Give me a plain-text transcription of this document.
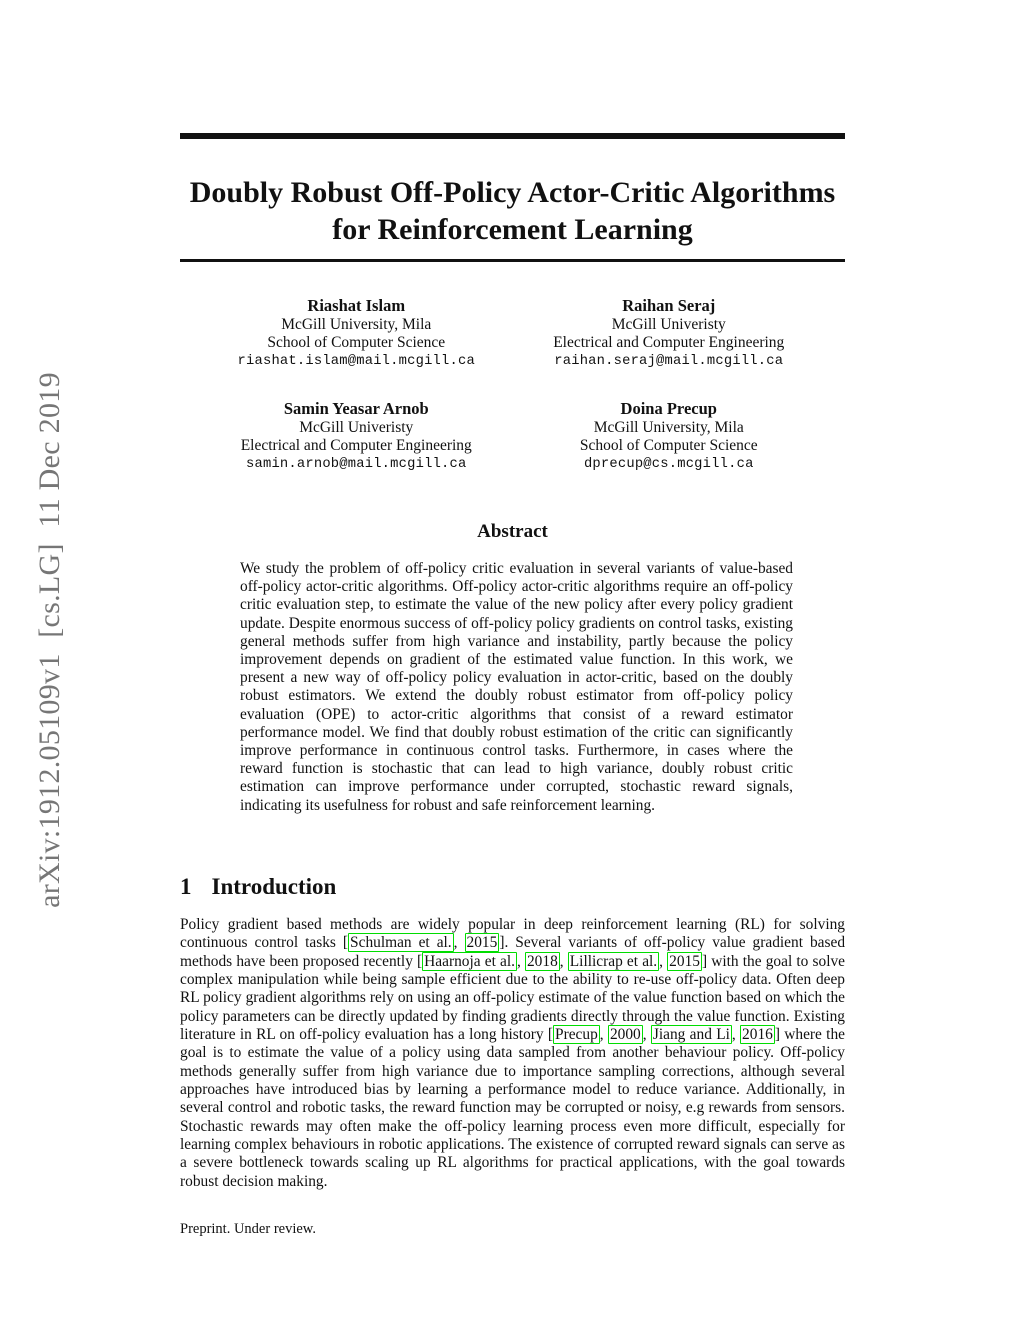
arXiv:1912.05109v1  [cs.LG]  11 Dec 2019
Doubly Robust Off-Policy Actor-Critic Algorithms
for Reinforcement Learning
Riashat Islam
McGill University, Mila
School of Computer Science
riashat.islam@mail.mcgill.ca
Raihan Seraj
McGill Univeristy
Electrical and Computer Engineering
raihan.seraj@mail.mcgill.ca
Samin Yeasar Arnob
McGill Univeristy
Electrical and Computer Engineering
samin.arnob@mail.mcgill.ca
Doina Precup
McGill University, Mila
School of Computer Science
dprecup@cs.mcgill.ca
Abstract
We study the problem of off-policy critic evaluation in several variants of value-based off-policy actor-critic algorithms. Off-policy actor-critic algorithms require an off-policy critic evaluation step, to estimate the value of the new policy after every policy gradient update. Despite enormous success of off-policy policy gradients on control tasks, existing general methods suffer from high variance and instability, partly because the policy improvement depends on gradient of the estimated value function. In this work, we present a new way of off-policy policy evaluation in actor-critic, based on the doubly robust estimators. We extend the doubly robust estimator from off-policy policy evaluation (OPE) to actor-critic algorithms that consist of a reward estimator performance model. We find that doubly robust estimation of the critic can significantly improve performance in continuous control tasks. Furthermore, in cases where the reward function is stochastic that can lead to high variance, doubly robust critic estimation can improve performance under corrupted, stochastic reward signals, indicating its usefulness for robust and safe reinforcement learning.
1 Introduction

Policy gradient based methods are widely popular in deep reinforcement learning (RL) for solving continuous control tasks [ Schulman et al. , 2015 ]. Several variants of off-policy value gradient based methods have been proposed recently [ Haarnoja et al. , 2018 , Lillicrap et al. , 2015 ] with the goal to solve complex manipulation while being sample efficient due to the ability to re-use off-policy data. Often deep RL policy gradient algorithms rely on using an off-policy estimate of the value function based on which the policy parameters can be directly updated by finding gradients directly through the value function. Existing literature in RL on off-policy evaluation has a long history [ Precup , 2000 , Jiang and Li , 2016 ] where the goal is to estimate the value of a policy using data sampled from another behaviour policy. Off-policy methods generally suffer from high variance due to importance sampling corrections, although several approaches have introduced bias by learning a performance model to reduce variance. Additionally, in several control and robotic tasks, the reward function may be corrupted or noisy, e.g rewards from sensors. Stochastic rewards may often make the off-policy learning process even more difficult, especially for learning complex behaviours in robotic applications. The existence of corrupted reward signals can serve as a severe bottleneck towards scaling up RL algorithms for practical applications, with the goal towards robust decision making.

Preprint. Under review.
